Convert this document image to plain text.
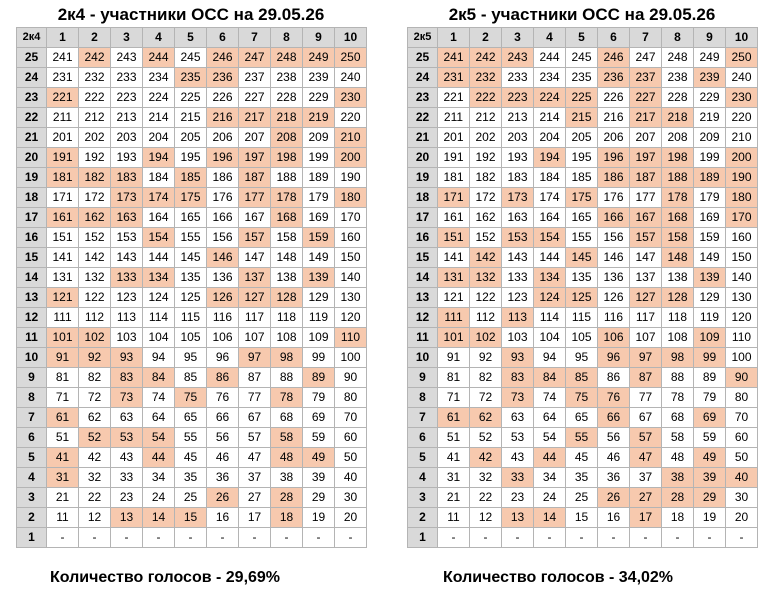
2к4 - участники ОСС на 29.05.26
2к4	1	2	3	4	5	6	7	8	9	10
25	241	242	243	244	245	246	247	248	249	250
24	231	232	233	234	235	236	237	238	239	240
23	221	222	223	224	225	226	227	228	229	230
22	211	212	213	214	215	216	217	218	219	220
21	201	202	203	204	205	206	207	208	209	210
20	191	192	193	194	195	196	197	198	199	200
19	181	182	183	184	185	186	187	188	189	190
18	171	172	173	174	175	176	177	178	179	180
17	161	162	163	164	165	166	167	168	169	170
16	151	152	153	154	155	156	157	158	159	160
15	141	142	143	144	145	146	147	148	149	150
14	131	132	133	134	135	136	137	138	139	140
13	121	122	123	124	125	126	127	128	129	130
12	111	112	113	114	115	116	117	118	119	120
11	101	102	103	104	105	106	107	108	109	110
10	91	92	93	94	95	96	97	98	99	100
9	81	82	83	84	85	86	87	88	89	90
8	71	72	73	74	75	76	77	78	79	80
7	61	62	63	64	65	66	67	68	69	70
6	51	52	53	54	55	56	57	58	59	60
5	41	42	43	44	45	46	47	48	49	50
4	31	32	33	34	35	36	37	38	39	40
3	21	22	23	24	25	26	27	28	29	30
2	11	12	13	14	15	16	17	18	19	20
1	-	-	-	-	-	-	-	-	-	-
2к5 - участники ОСС на 29.05.26
2к5	1	2	3	4	5	6	7	8	9	10
25	241	242	243	244	245	246	247	248	249	250
24	231	232	233	234	235	236	237	238	239	240
23	221	222	223	224	225	226	227	228	229	230
22	211	212	213	214	215	216	217	218	219	220
21	201	202	203	204	205	206	207	208	209	210
20	191	192	193	194	195	196	197	198	199	200
19	181	182	183	184	185	186	187	188	189	190
18	171	172	173	174	175	176	177	178	179	180
17	161	162	163	164	165	166	167	168	169	170
16	151	152	153	154	155	156	157	158	159	160
15	141	142	143	144	145	146	147	148	149	150
14	131	132	133	134	135	136	137	138	139	140
13	121	122	123	124	125	126	127	128	129	130
12	111	112	113	114	115	116	117	118	119	120
11	101	102	103	104	105	106	107	108	109	110
10	91	92	93	94	95	96	97	98	99	100
9	81	82	83	84	85	86	87	88	89	90
8	71	72	73	74	75	76	77	78	79	80
7	61	62	63	64	65	66	67	68	69	70
6	51	52	53	54	55	56	57	58	59	60
5	41	42	43	44	45	46	47	48	49	50
4	31	32	33	34	35	36	37	38	39	40
3	21	22	23	24	25	26	27	28	29	30
2	11	12	13	14	15	16	17	18	19	20
1	-	-	-	-	-	-	-	-	-	-
Количество голосов - 29,69%	Количество голосов - 34,02%
